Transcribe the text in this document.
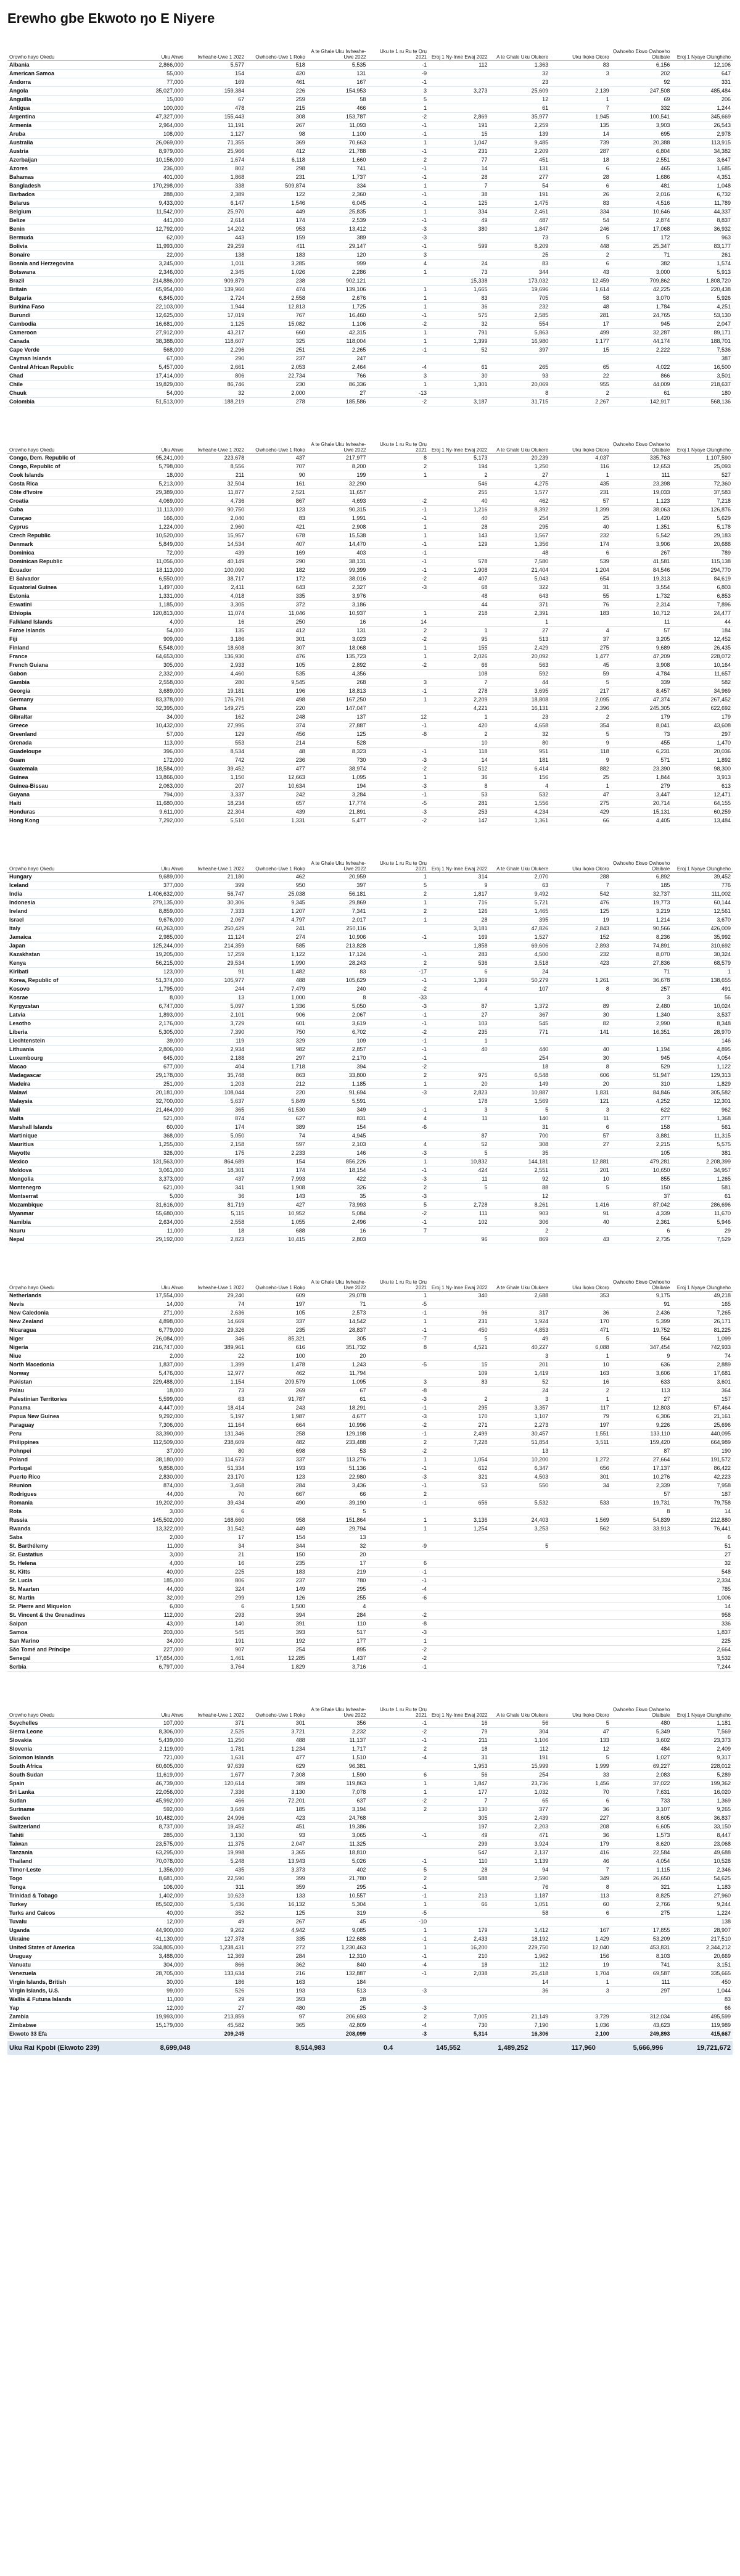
Erewho gbe Ekwoto ŋo E Niyere
Orọwho hayo Ọkedu	Uku Ahwo	Iwheahe-Uwe 1 2022	Ọwhoeho-Uwe 1 Rọkọ	A te Ghale Uku Iwheahe-Uwe 2022	Uku te 1 ru Ru tẹ Ọrụ 2021	Eroj 1 Ny-Inne Ewaj 2022	A te Ghale Uku Olukere	Uku Ikọko Ọkorọ	Ọwhoeho Ekwo Ọwhoeho Ọlaibale	Eroj 1 Nyaye Ọlungheho
Albania	2,866,000	5,577	518	5,535	-1	112	1,363	83	6,156	12,106
American Samoa	55,000	154	420	131	-9		32	3	202	647
Andorra	77,000	169	461	167	-1		23		92	331
Angola	35,027,000	159,384	226	154,953	3	3,273	25,609	2,139	247,508	485,484
Anguilla	15,000	67	259	58	5		12	1	69	206
Antigua	100,000	478	215	466	1		61	7	332	1,244
Argentina	47,327,000	155,443	308	153,787	-2	2,869	35,977	1,945	100,541	345,669
Armenia	2,964,000	11,191	267	11,093	-1	191	2,259	135	3,903	26,543
Aruba	108,000	1,127	98	1,100	-1	15	139	14	695	2,978
Australia	26,069,000	71,355	369	70,663	1	1,047	9,485	739	20,388	113,915
Austria	8,979,000	25,966	412	21,788	-1	231	2,209	287	6,804	34,382
Azerbaijan	10,156,000	1,674	6,118	1,660	2	77	451	18	2,551	3,647
Azores	236,000	802	298	741	-1	14	131	6	465	1,685
Bahamas	401,000	1,868	231	1,737	-1	28	277	28	1,686	4,351
Bangladesh	170,298,000	338	509,874	334	1	7	54	6	481	1,048
Barbados	288,000	2,389	122	2,360	-1	38	191	26	2,016	6,732
Belarus	9,433,000	6,147	1,546	6,045	-1	125	1,475	83	4,516	11,789
Belgium	11,542,000	25,970	449	25,835	1	334	2,461	334	10,646	44,337
Belize	441,000	2,614	174	2,539	-1	49	487	54	2,874	8,837
Benin	12,792,000	14,202	953	13,412	-3	380	1,847	246	17,068	36,932
Bermuda	62,000	443	159	389	-3		73	5	172	963
Bolivia	11,993,000	29,259	411	29,147	-1	599	8,209	448	25,347	83,177
Bonaire	22,000	138	183	120	3		25	2	71	261
Bosnia and Herzegovina	3,245,000	1,011	3,285	999	4	24	83	6	382	1,574
Botswana	2,346,000	2,345	1,026	2,286	1	73	344	43	3,000	5,913
Brazil	214,886,000	909,879	238	902,121		15,338	173,032	12,459	709,862	1,808,720
Britain	65,954,000	139,960	474	139,106	1	1,665	19,696	1,614	42,225	220,438
Bulgaria	6,845,000	2,724	2,558	2,676	1	83	705	58	3,070	5,926
Burkina Faso	22,103,000	1,944	12,813	1,725	1	36	232	48	1,784	4,251
Burundi	12,625,000	17,019	767	16,460	-1	575	2,585	281	24,765	53,130
Cambodia	16,681,000	1,125	15,082	1,106	-2	32	554	17	945	2,047
Cameroon	27,912,000	43,217	660	42,315	1	791	5,863	499	32,287	89,171
Canada	38,388,000	118,607	325	118,004	1	1,399	16,980	1,177	44,174	188,701
Cape Verde	568,000	2,296	251	2,265	-1	52	397	15	2,222	7,536
Cayman Islands	67,000	290	237	247						387
Central African Republic	5,457,000	2,661	2,053	2,464	-4	61	265	65	4,022	16,500
Chad	17,414,000	806	22,734	766	3	30	93	22	866	3,501
Chile	19,829,000	86,746	230	86,336	1	1,301	20,069	955	44,009	218,637
Chuuk	54,000	32	2,000	27	-13		8	2	61	180
Colombia	51,513,000	188,219	278	185,586	-2	3,187	31,715	2,267	142,917	568,136

Orọwho hayo Ọkedu	Uku Ahwo	Iwheahe-Uwe 1 2022	Ọwhoeho-Uwe 1 Rọkọ	A te Ghale Uku Iwheahe-Uwe 2022	Uku te 1 ru Ru tẹ Ọrụ 2021	Eroj 1 Ny-Inne Ewaj 2022	A te Ghale Uku Olukere	Uku Ikọko Ọkorọ	Ọwhoeho Ekwo Ọwhoeho Ọlaibale	Eroj 1 Nyaye Ọlungheho
Congo, Dem. Republic of	95,241,000	223,678	437	217,977	8	5,173	20,239	4,037	335,763	1,107,590
Congo, Republic of	5,798,000	8,556	707	8,200	2	194	1,250	116	12,653	25,093
Cook Islands	18,000	211	90	199	1	2	27	1	111	527
Costa Rica	5,213,000	32,504	161	32,290		546	4,275	435	23,398	72,360
Côte d'Ivoire	29,389,000	11,877	2,521	11,657		255	1,577	231	19,033	37,583
Croatia	4,069,000	4,736	867	4,693	-2	40	462	57	1,123	7,218
Cuba	11,113,000	90,750	123	90,315	-1	1,216	8,392	1,399	38,063	126,876
Curaçao	166,000	2,040	83	1,991	-1	40	254	25	1,420	5,629
Cyprus	1,224,000	2,960	421	2,908	1	28	295	40	1,351	5,178
Czech Republic	10,520,000	15,957	678	15,538	1	143	1,567	232	5,542	29,183
Denmark	5,849,000	14,534	407	14,470	-1	129	1,356	174	3,906	20,688
Dominica	72,000	439	169	403	-1		48	6	267	789
Dominican Republic	11,056,000	40,149	290	38,131	-1	578	7,580	539	41,581	115,138
Ecuador	18,113,000	100,090	182	99,399	-1	1,908	21,404	1,204	84,546	294,770
El Salvador	6,550,000	38,717	172	38,016	-2	407	5,043	654	19,313	84,619
Equatorial Guinea	1,497,000	2,411	643	2,327	-3	68	322	31	3,554	6,803
Estonia	1,331,000	4,018	335	3,976		48	643	55	1,732	6,853
Eswatini	1,185,000	3,305	372	3,186		44	371	76	2,314	7,896
Ethiopia	120,813,000	11,074	11,046	10,937	1	218	2,391	183	10,712	24,477
Falkland Islands	4,000	16	250	16	14		1		11	44
Faroe Islands	54,000	135	412	131	2	1	27	4	57	184
Fiji	909,000	3,186	301	3,023	-2	95	513	37	3,205	12,452
Finland	5,548,000	18,608	307	18,068	1	155	2,429	275	9,689	26,435
France	64,653,000	136,930	476	135,723	1	2,026	20,092	1,477	47,209	228,072
French Guiana	305,000	2,933	105	2,892	-2	66	563	45	3,908	10,164
Gabon	2,332,000	4,460	535	4,356		108	592	59	4,784	11,657
Gambia	2,558,000	280	9,545	268	3	7	44	5	339	582
Georgia	3,689,000	19,181	196	18,813	-1	278	3,695	217	8,457	34,969
Germany	83,378,000	176,791	498	167,250	1	2,209	18,808	2,095	47,374	267,452
Ghana	32,395,000	149,275	220	147,047		4,221	16,131	2,396	245,305	622,692
Gibraltar	34,000	162	248	137	12	1	23	2	179	179
Greece	10,432,000	27,995	374	27,887	-1	420	4,658	354	8,041	43,608
Greenland	57,000	129	456	125	-8	2	32	5	73	297
Grenada	113,000	553	214	528		10	80	9	455	1,470
Guadeloupe	396,000	8,534	48	8,323	-1	118	951	118	6,231	20,036
Guam	172,000	742	236	730	-3	14	181	9	571	1,892
Guatemala	18,584,000	39,452	477	38,974	-2	512	6,414	882	23,390	98,300
Guinea	13,866,000	1,150	12,663	1,095	1	36	156	25	1,844	3,913
Guinea-Bissau	2,063,000	207	10,634	194	-3	8	4	1	279	613
Guyana	794,000	3,337	242	3,284	-1	53	532	47	3,447	12,471
Haiti	11,680,000	18,234	657	17,774	-5	281	1,556	275	20,714	64,155
Honduras	9,611,000	22,304	439	21,891	-3	253	4,234	429	15,131	60,259
Hong Kong	7,292,000	5,510	1,331	5,477	-2	147	1,361	66	4,405	13,484

Orọwho hayo Ọkedu	Uku Ahwo	Iwheahe-Uwe 1 2022	Ọwhoeho-Uwe 1 Rọkọ	A te Ghale Uku Iwheahe-Uwe 2022	Uku te 1 ru Ru tẹ Ọrụ 2021	Eroj 1 Ny-Inne Ewaj 2022	A te Ghale Uku Olukere	Uku Ikọko Ọkorọ	Ọwhoeho Ekwo Ọwhoeho Ọlaibale	Eroj 1 Nyaye Ọlungheho
Hungary	9,689,000	21,180	462	20,959	1	314	2,070	288	6,892	39,452
Iceland	377,000	399	950	397	5	9	63	7	185	776
India	1,406,632,000	56,747	25,038	56,181	2	1,817	9,492	542	32,737	111,002
Indonesia	279,135,000	30,306	9,345	29,869	1	716	5,721	476	19,773	60,144
Ireland	8,859,000	7,333	1,207	7,341	2	126	1,465	125	3,219	12,561
Israel	9,676,000	2,067	4,797	2,017	1	28	395	19	1,214	3,670
Italy	60,263,000	250,429	241	250,116		3,181	47,826	2,843	90,566	426,009
Jamaica	2,985,000	11,124	274	10,906	-1	169	1,527	152	8,236	35,992
Japan	125,244,000	214,359	585	213,828		1,858	69,606	2,893	74,891	310,692
Kazakhstan	19,205,000	17,259	1,122	17,124	-1	283	4,500	232	8,070	30,324
Kenya	56,215,000	29,534	1,990	28,243	2	536	3,518	423	27,836	68,579
Kiribati	123,000	91	1,482	83	-17	6	24		71	1
Korea, Republic of	51,374,000	105,977	488	105,629	-1	1,369	50,279	1,261	36,678	138,655
Kosovo	1,795,000	244	7,479	240	-2	4	107	8	257	491
Kosrae	8,000	13	1,000	8	-33				3	56
Kyrgyzstan	6,747,000	5,097	1,336	5,050	-3	87	1,372	89	2,480	10,024
Latvia	1,893,000	2,101	906	2,067	-1	27	367	30	1,340	3,537
Lesotho	2,176,000	3,729	601	3,619	-1	103	545	82	2,990	8,348
Liberia	5,305,000	7,390	750	6,702	-2	235	771	141	16,351	28,970
Liechtenstein	39,000	119	329	109	-1	1				146
Lithuania	2,806,000	2,934	982	2,857	-1	40	440	40	1,194	4,895
Luxembourg	645,000	2,188	297	2,170	-1		254	30	945	4,054
Macao	677,000	404	1,718	394	-2		18	8	529	1,122
Madagascar	29,178,000	35,748	863	33,800	2	975	6,548	606	51,947	129,313
Madeira	251,000	1,203	212	1,185	1	20	149	20	310	1,829
Malawi	20,181,000	108,044	220	91,694	-3	2,823	10,887	1,831	84,846	305,582
Malaysia	32,700,000	5,637	5,849	5,591		178	1,569	121	4,252	12,301
Mali	21,464,000	365	61,530	349	-1	3	5	3	622	962
Malta	521,000	874	627	831	4	11	140	11	277	1,368
Marshall Islands	60,000	174	389	154	-6		31	6	158	561
Martinique	368,000	5,050	74	4,945		87	700	57	3,881	11,315
Mauritius	1,255,000	2,158	597	2,103	4	52	308	27	2,215	5,575
Mayotte	326,000	175	2,233	146	-3	5	35		105	381
Mexico	131,563,000	864,689	154	856,226	1	10,832	144,181	12,881	479,281	2,208,399
Moldova	3,061,000	18,301	174	18,154	-1	424	2,551	201	10,650	34,957
Mongolia	3,373,000	437	7,993	422	-3	11	92	10	855	1,265
Montenegro	621,000	341	1,908	326	2	5	88	5	150	581
Montserrat	5,000	36	143	35	-3		12		37	61
Mozambique	31,616,000	81,719	427	73,993	5	2,728	8,261	1,416	87,042	286,696
Myanmar	55,680,000	5,115	10,952	5,084	-2	111	903	91	4,339	11,670
Namibia	2,634,000	2,558	1,055	2,496	-1	102	306	40	2,361	5,946
Nauru	11,000	18	688	16	7		2		6	29
Nepal	29,192,000	2,823	10,415	2,803		96	869	43	2,735	7,529

Orọwho hayo Ọkedu	Uku Ahwo	Iwheahe-Uwe 1 2022	Ọwhoeho-Uwe 1 Rọkọ	A te Ghale Uku Iwheahe-Uwe 2022	Uku te 1 ru Ru tẹ Ọrụ 2021	Eroj 1 Ny-Inne Ewaj 2022	A te Ghale Uku Olukere	Uku Ikọko Ọkorọ	Ọwhoeho Ekwo Ọwhoeho Ọlaibale	Eroj 1 Nyaye Ọlungheho
Netherlands	17,554,000	29,240	609	29,078	1	340	2,688	353	9,175	49,218
Nevis	14,000	74	197	71	-5				91	165
New Caledonia	271,000	2,636	105	2,573	-1	96	317	36	2,436	7,265
New Zealand	4,898,000	14,669	337	14,542	1	231	1,924	170	5,399	26,171
Nicaragua	6,779,000	29,326	235	28,837	-1	450	4,853	471	19,752	81,225
Niger	26,084,000	346	85,321	305	-7	5	49	5	564	1,099
Nigeria	216,747,000	389,961	616	351,732	8	4,521	40,227	6,088	347,454	742,933
Niue	2,000	22	100	20			3	1	9	74
North Macedonia	1,837,000	1,399	1,478	1,243	-5	15	201	10	636	2,889
Norway	5,476,000	12,977	462	11,794		109	1,419	163	3,606	17,681
Pakistan	229,488,000	1,154	209,579	1,095	3	83	52	16	633	3,601
Palau	18,000	73	269	67	-8		24	2	113	364
Palestinian Territories	5,599,000	63	91,787	61	-3	2	3	1	27	157
Panama	4,447,000	18,414	243	18,291	-1	295	3,357	117	12,803	57,464
Papua New Guinea	9,292,000	5,197	1,987	4,677	-3	170	1,107	79	6,306	21,161
Paraguay	7,306,000	11,164	664	10,996	-2	271	2,273	197	9,226	25,696
Peru	33,390,000	131,346	258	129,198	-1	2,499	30,457	1,551	133,110	440,095
Philippines	112,509,000	238,609	482	233,488	2	7,228	51,854	3,511	159,420	664,989
Pohnpei	37,000	80	698	53	-2		13		87	190
Poland	38,180,000	114,673	337	113,276	1	1,054	10,200	1,272	27,664	191,572
Portugal	9,858,000	51,334	193	51,136	-1	612	6,347	656	17,137	86,422
Puerto Rico	2,830,000	23,170	123	22,980	-3	321	4,503	301	10,276	42,223
Réunion	874,000	3,468	284	3,436	-1	53	550	34	2,339	7,958
Rodrigues	44,000	70	667	66	2				57	187
Romania	19,202,000	39,434	490	39,190	-1	656	5,532	533	19,731	79,758
Rota	3,000	6		5					8	14
Russia	145,502,000	168,660	958	151,864	1	3,136	24,403	1,569	54,839	212,880
Rwanda	13,322,000	31,542	449	29,794	1	1,254	3,253	562	33,913	76,441
Saba	2,000	17	154	13						6
St. Barthélemy	11,000	34	344	32	-9		5			51
St. Eustatius	3,000	21	150	20						27
St. Helena	4,000	16	235	17	6					32
St. Kitts	40,000	225	183	219	-1					548
St. Lucia	185,000	806	237	780	-1					2,334
St. Maarten	44,000	324	149	295	-4					785
St. Martin	32,000	299	126	255	-6					1,006
St. Pierre and Miquelon	6,000	6	1,500	4						14
St. Vincent & the Grenadines	112,000	293	394	284	-2					958
Saipan	43,000	140	391	110	-8					336
Samoa	203,000	545	393	517	-3					1,837
San Marino	34,000	191	192	177	1					225
São Tomé and Príncipe	227,000	907	254	895	-2					2,664
Senegal	17,654,000	1,461	12,285	1,437	-2					3,532
Serbia	6,797,000	3,764	1,829	3,716	-1					7,244

Orọwho hayo Ọkedu	Uku Ahwo	Iwheahe-Uwe 1 2022	Ọwhoeho-Uwe 1 Rọkọ	A te Ghale Uku Iwheahe-Uwe 2022	Uku te 1 ru Ru tẹ Ọrụ 2021	Eroj 1 Ny-Inne Ewaj 2022	A te Ghale Uku Olukere	Uku Ikọko Ọkorọ	Ọwhoeho Ekwo Ọwhoeho Ọlaibale	Eroj 1 Nyaye Ọlungheho
Seychelles	107,000	371	301	356	-1	16	56	5	480	1,181
Sierra Leone	8,306,000	2,525	3,721	2,232	-2	79	304	47	5,349	7,569
Slovakia	5,439,000	11,250	488	11,137	-1	211	1,106	133	3,602	23,373
Slovenia	2,119,000	1,781	1,234	1,717	2	18	112	12	484	2,409
Solomon Islands	721,000	1,631	477	1,510	-4	31	191	5	1,027	9,317
South Africa	60,605,000	97,639	629	96,381		1,953	15,999	1,999	69,227	228,012
South Sudan	11,619,000	1,677	7,308	1,590	6	56	254	33	2,083	5,289
Spain	46,739,000	120,614	389	119,863	1	1,847	23,736	1,456	37,022	199,362
Sri Lanka	22,056,000	7,336	3,130	7,078	1	177	1,032	70	7,631	16,020
Sudan	45,992,000	466	72,201	637	-2	7	65	6	733	1,369
Suriname	592,000	3,649	185	3,194	2	130	377	36	3,107	9,265
Sweden	10,482,000	24,996	423	24,768		305	2,439	227	8,605	36,837
Switzerland	8,737,000	19,452	451	19,386		197	2,203	208	6,605	33,150
Tahiti	285,000	3,130	93	3,065	-1	49	471	36	1,573	8,447
Taiwan	23,575,000	11,375	2,047	11,325		299	3,924	179	8,620	23,068
Tanzania	63,295,000	19,998	3,365	18,810		547	2,137	416	22,584	49,688
Thailand	70,078,000	5,248	13,943	5,026	-1	110	1,139	46	4,054	10,528
Timor-Leste	1,356,000	435	3,373	402	5	28	94	7	1,115	2,346
Togo	8,681,000	22,590	399	21,780	2	588	2,590	349	26,650	54,625
Tonga	106,000	311	359	295	-1		76	8	321	1,183
Trinidad & Tobago	1,402,000	10,623	133	10,557	-1	213	1,187	113	8,825	27,960
Turkey	85,502,000	5,436	16,132	5,304	1	66	1,051	60	2,766	9,244
Turks and Caicos	40,000	352	125	319	-5		58	6	275	1,224
Tuvalu	12,000	49	267	45	-10					138
Uganda	44,900,000	9,262	4,942	9,085	1	179	1,412	167	17,855	28,907
Ukraine	41,130,000	127,378	335	122,688	-1	2,433	18,192	1,429	53,209	217,510
United States of America	334,805,000	1,238,431	272	1,230,463	1	16,200	229,750	12,040	453,831	2,344,212
Uruguay	3,488,000	12,369	284	12,310	-1	210	1,962	156	8,103	20,669
Vanuatu	304,000	866	362	840	-4	18	112	19	741	3,151
Venezuela	28,705,000	133,634	216	132,887	-1	2,038	25,418	1,704	69,587	335,665
Virgin Islands, British	30,000	186	163	184			14	1	111	450
Virgin Islands, U.S.	99,000	526	193	513	-3		36	3	297	1,044
Wallis & Futuna Islands	11,000	29	393	28						83
Yap	12,000	27	480	25	-3					66
Zambia	19,993,000	213,859	97	206,693	2	7,005	21,149	3,729	312,034	495,599
Zimbabwe	15,179,000	45,582	365	42,809	-4	730	7,190	1,036	43,623	119,989
Ekwoto 33 Efa		209,245		208,099	-3	5,314	16,306	2,100	249,893	415,667
Uku Rai Kpobi (Ekwoto 239)	8,699,048		8,514,983	0.4	145,552	1,489,252	117,960	5,666,996	19,721,672
